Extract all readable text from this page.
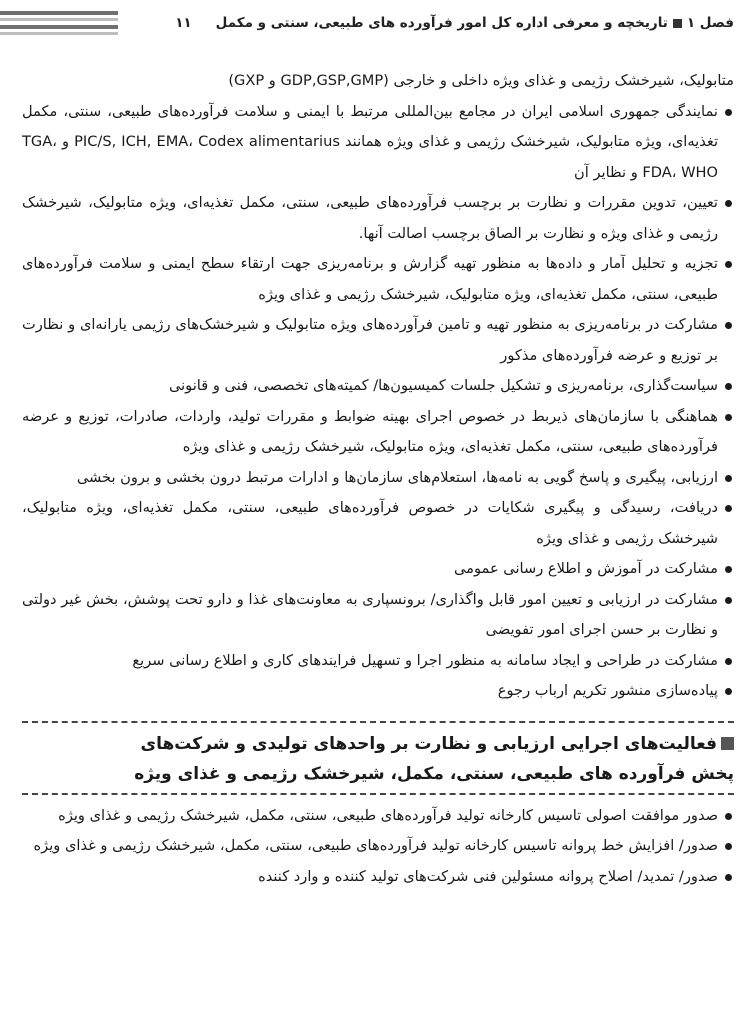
فصل ۱تاریخچه و معرفی اداره کل امور فرآورده های طبیعی، سنتی و مکمل۱۱

متابولیک، شیرخشک رژیمی و غذای ویژه داخلی و خارجی (GDP,GSP,GMP و GXP)

نمایندگی جمهوری اسلامی ایران در مجامع بین‌المللی مرتبط با ایمنی و سلامت فرآورده‌های طبیعی، سنتی، مکمل تغذیه‌ای، ویژه متابولیک، شیرخشک رژیمی و غذای ویژه همانند PIC/S, ICH, EMA، Codex alimentarius و TGA، FDA، WHO و نظایر آن
تعیین، تدوین مقررات و نظارت بر برچسب فرآورده‌های طبیعی، سنتی، مکمل تغذیه‌ای، ویژه متابولیک، شیرخشک رژیمی و غذای ویژه و نظارت بر الصاق برچسب اصالت آنها.
تجزیه و تحلیل آمار و داده‌ها به منظور تهیه گزارش و برنامه‌ریزی جهت ارتقاء سطح ایمنی و سلامت فرآورده‌های طبیعی، سنتی، مکمل تغذیه‌ای، ویژه متابولیک، شیرخشک رژیمی و غذای ویژه
مشارکت در برنامه‌ریزی به منظور تهیه و تامین فرآورده‌های ویژه متابولیک و شیرخشک‌های رژیمی یارانه‌ای و نظارت بر توزیع و عرضه فرآورده‌های مذکور
سیاست‌گذاری، برنامه‌ریزی و تشکیل جلسات کمیسیون‌ها/ کمیته‌های تخصصی، فنی و قانونی
هماهنگی با سازمان‌های ذیربط در خصوص اجرای بهینه ضوابط و مقررات تولید، واردات، صادرات، توزیع و عرضه فرآورده‌های طبیعی، سنتی، مکمل تغذیه‌ای، ویژه متابولیک، شیرخشک رژیمی و غذای ویژه
ارزیابی، پیگیری و پاسخ گویی به نامه‌ها، استعلام‌های سازمان‌ها و ادارات مرتبط درون بخشی و برون بخشی
دریافت، رسیدگی و پیگیری شکایات در خصوص فرآورده‌های طبیعی، سنتی، مکمل تغذیه‌ای، ویژه متابولیک، شیرخشک رژیمی و غذای ویژه
مشارکت در آموزش و اطلاع رسانی عمومی
مشارکت در ارزیابی و تعیین امور قابل واگذاری/ برونسپاری به معاونت‌های غذا و دارو تحت پوشش، بخش غیر دولتی و نظارت بر حسن اجرای امور تفویضی
مشارکت در طراحی و ایجاد سامانه به منظور اجرا و تسهیل فرایندهای کاری و اطلاع رسانی سریع
پیاده‌سازی منشور تکریم ارباب رجوع
فعالیت‌های اجرایی ارزیابی و نظارت بر واحدهای تولیدی و شرکت‌های
پخش فرآورده های طبیعی، سنتی، مکمل، شیرخشک رژیمی و غذای ویژه
صدور موافقت اصولی تاسیس کارخانه تولید فرآورده‌های طبیعی، سنتی، مکمل، شیرخشک رژیمی و غذای ویژه
صدور/ افزایش خط پروانه تاسیس کارخانه تولید فرآورده‌های طبیعی، سنتی، مکمل، شیرخشک رژیمی و غذای ویژه
صدور/ تمدید/ اصلاح پروانه مسئولین فنی شرکت‌های تولید کننده و وارد کننده
